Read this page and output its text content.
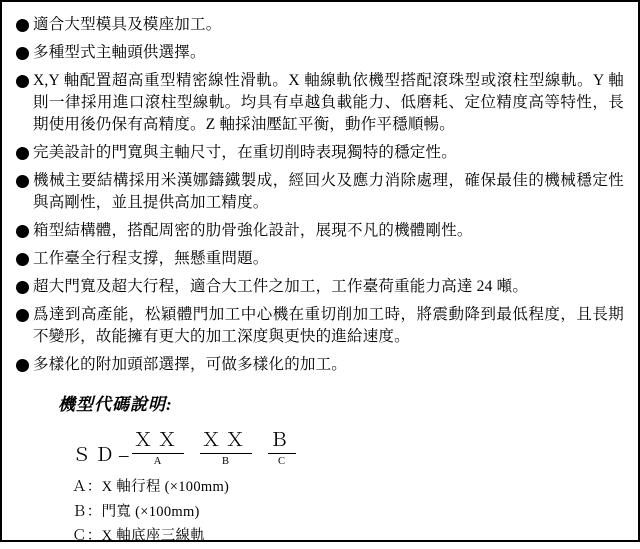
適合大型模具及模座加工。
多種型式主軸頭供選擇。
X,Y 軸配置超高重型精密線性滑軌。X 軸線軌依機型搭配滾珠型或滾柱型線軌。Y 軸則一律採用進口滾柱型線軌。均具有卓越負載能力、低磨耗、定位精度高等特性，長期使用後仍保有高精度。Z 軸採油壓缸平衡，動作平穩順暢。
完美設計的門寬與主軸尺寸，在重切削時表現獨特的穩定性。
機械主要結構採用米漢娜鑄鐵製成，經回火及應力消除處理，確保最佳的機械穩定性與高剛性，並且提供高加工精度。
箱型結構體，搭配周密的肋骨強化設計，展現不凡的機體剛性。
工作臺全行程支撐，無懸重問題。
超大門寬及超大行程，適合大工件之加工，工作臺荷重能力高達 24 噸。
爲達到高產能，松穎體門加工中心機在重切削加工時，將震動降到最低程度，且長期不變形，故能擁有更大的加工深度與更快的進給速度。
多樣化的附加頭部選擇，可做多樣化的加工。
機型代碼說明:
ＳＤ –
ＸＸ
A
ＸＸ
B
Ｂ
C
Ａ：X 軸行程 (×100mm)
Ｂ：門寬 (×100mm)
Ｃ：X 軸底座三線軌
